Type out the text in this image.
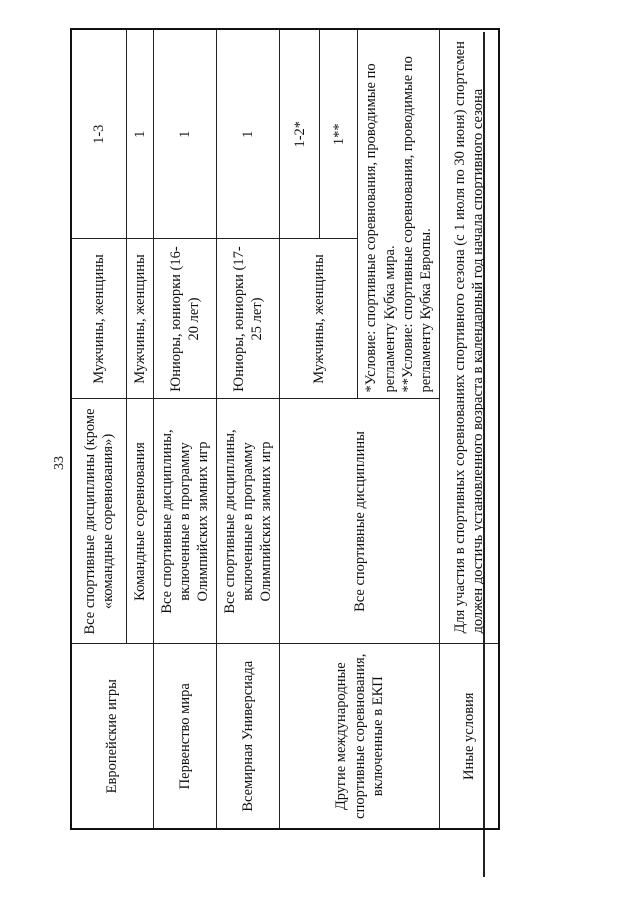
33
Европейские игры	Все спортивные дисциплины (кроме «командные соревнования»)	Мужчины, женщины	1-3
	Командные соревнования	Мужчины, женщины	1
Первенство мира	Все спортивные дисциплины, включенные в программу Олимпийских зимних игр	Юниоры, юниорки (16-20 лет)	1
Всемирная Универсиада	Все спортивные дисциплины, включенные в программу Олимпийских зимних игр	Юниоры, юниорки (17-25 лет)	1
Другие международные спортивные соревнования, включенные в ЕКП	Все спортивные дисциплины	Мужчины, женщины	1-2*
			1**

		*Условие: спортивные соревнования, проводимые по регламенту Кубка мира. **Условие: спортивные соревнования, проводимые по регламенту Кубка Европы.	

Иные условия	Для участия в спортивных соревнованиях спортивного сезона (с 1 июля по 30 июня) спортсмен должен достичь установленного возраста в календарный год начала спортивного сезона		
